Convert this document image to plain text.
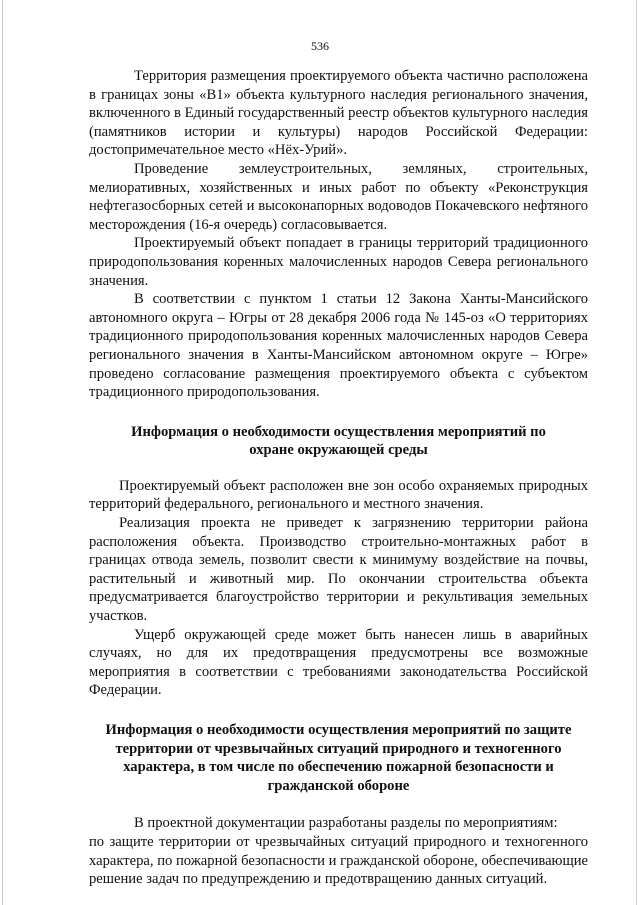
536

Территория размещения проектируемого объекта частично расположена в границах зоны «В1» объекта культурного наследия регионального значения, включенного в Единый государственный реестр объектов культурного наследия (памятников истории и культуры) народов Российской Федерации: достопримечательное место «Нёх-Урий».

Проведение землеустроительных, земляных, строительных, мелиоративных, хозяйственных и иных работ по объекту «Реконструкция нефтегазосборных сетей и высоконапорных водоводов Покачевского нефтяного месторождения (16-я очередь) согласовывается.

Проектируемый объект попадает в границы территорий традиционного природопользования коренных малочисленных народов Севера регионального значения.

В соответствии с пунктом 1 статьи 12 Закона Ханты-Мансийского автономного округа – Югры от 28 декабря 2006 года № 145-оз «О территориях традиционного природопользования коренных малочисленных народов Севера регионального значения в Ханты-Мансийском автономном округе – Югре» проведено согласование размещения проектируемого объекта с субъектом традиционного природопользования.

Информация о необходимости осуществления мероприятий по охране окружающей среды

Проектируемый объект расположен вне зон особо охраняемых природных территорий федерального, регионального и местного значения.

Реализация проекта не приведет к загрязнению территории района расположения объекта. Производство строительно-монтажных работ в границах отвода земель, позволит свести к минимуму воздействие на почвы, растительный и животный мир. По окончании строительства объекта предусматривается благоустройство территории и рекультивация земельных участков.

Ущерб окружающей среде может быть нанесен лишь в аварийных случаях, но для их предотвращения предусмотрены все возможные мероприятия в соответствии с требованиями законодательства Российской Федерации.

Информация о необходимости осуществления мероприятий по защите территории от чрезвычайных ситуаций природного и техногенного характера, в том числе по обеспечению пожарной безопасности и гражданской обороне

В проектной документации разработаны разделы по мероприятиям:

по защите территории от чрезвычайных ситуаций природного и техногенного характера, по пожарной безопасности и гражданской обороне, обеспечивающие решение задач по предупреждению и предотвращению данных ситуаций.
